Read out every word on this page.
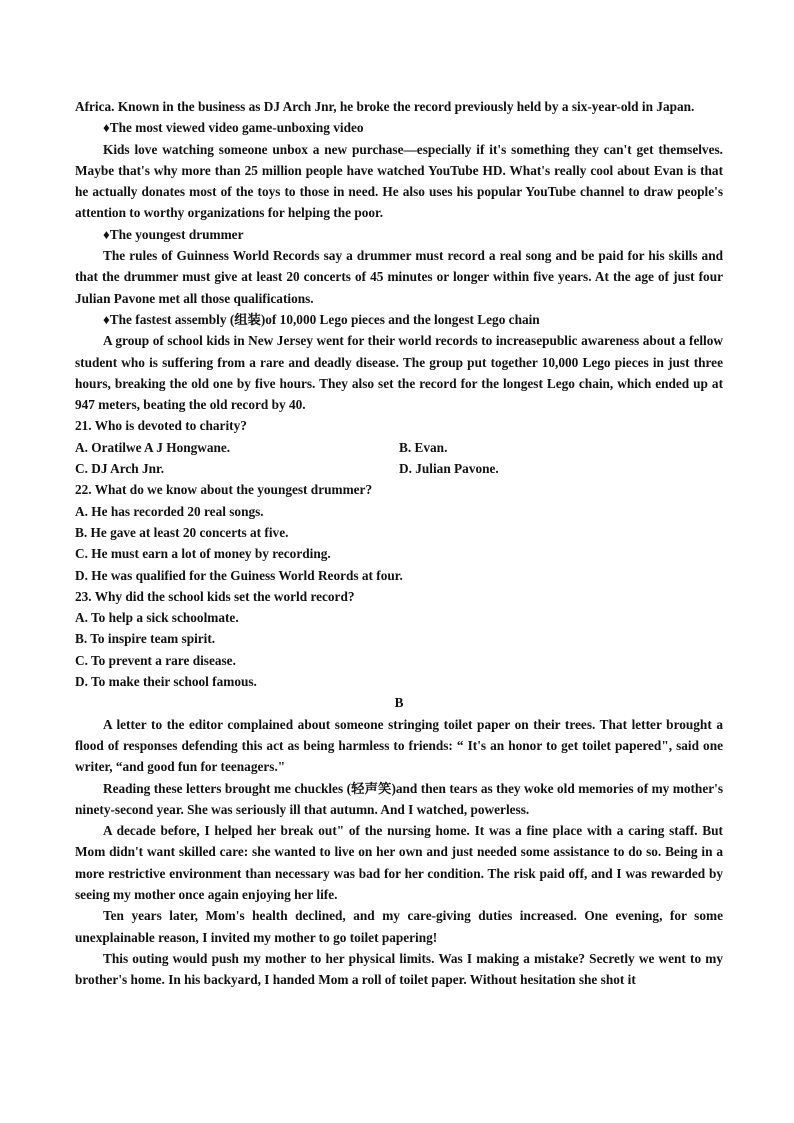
Africa. Known in the business as DJ Arch Jnr, he broke the record previously held by a six-year-old in Japan.

♦The most viewed video game-unboxing video

Kids love watching someone unbox a new purchase—especially if it's something they can't get themselves. Maybe that's why more than 25 million people have watched YouTube HD. What's really cool about Evan is that he actually donates most of the toys to those in need. He also uses his popular YouTube channel to draw people's attention to worthy organizations for helping the poor.

♦The youngest drummer

The rules of Guinness World Records say a drummer must record a real song and be paid for his skills and that the drummer must give at least 20 concerts of 45 minutes or longer within five years. At the age of just four Julian Pavone met all those qualifications.

♦The fastest assembly (组装)of 10,000 Lego pieces and the longest Lego chain

A group of school kids in New Jersey went for their world records to increasepublic awareness about a fellow student who is suffering from a rare and deadly disease. The group put together 10,000 Lego pieces in just three hours, breaking the old one by five hours. They also set the record for the longest Lego chain, which ended up at 947 meters, beating the old record by 40.

21. Who is devoted to charity?

A. Oratilwe A J Hongwane.	B. Evan.
C. DJ Arch Jnr.	D. Julian Pavone.

22. What do we know about the youngest drummer?

A. He has recorded 20 real songs.

B. He gave at least 20 concerts at five.

C. He must earn a lot of money by recording.

D. He was qualified for the Guiness World Reords at four.

23. Why did the school kids set the world record?

A. To help a sick schoolmate.

B. To inspire team spirit.

C. To prevent a rare disease.

D. To make their school famous.

B

A letter to the editor complained about someone stringing toilet paper on their trees. That letter brought a flood of responses defending this act as being harmless to friends: “ It's an honor to get toilet papered", said one writer, “and good fun for teenagers."

Reading these letters brought me chuckles (轻声笑)and then tears as they woke old memories of my mother's ninety-second year. She was seriously ill that autumn. And I watched, powerless.

A decade before, I helped her break out" of the nursing home. It was a fine place with a caring staff. But Mom didn't want skilled care: she wanted to live on her own and just needed some assistance to do so. Being in a more restrictive environment than necessary was bad for her condition. The risk paid off, and I was rewarded by seeing my mother once again enjoying her life.

Ten years later, Mom's health declined, and my care-giving duties increased. One evening, for some unexplainable reason, I invited my mother to go toilet papering!

This outing would push my mother to her physical limits. Was I making a mistake? Secretly we went to my brother's home. In his backyard, I handed Mom a roll of toilet paper. Without hesitation she shot it
